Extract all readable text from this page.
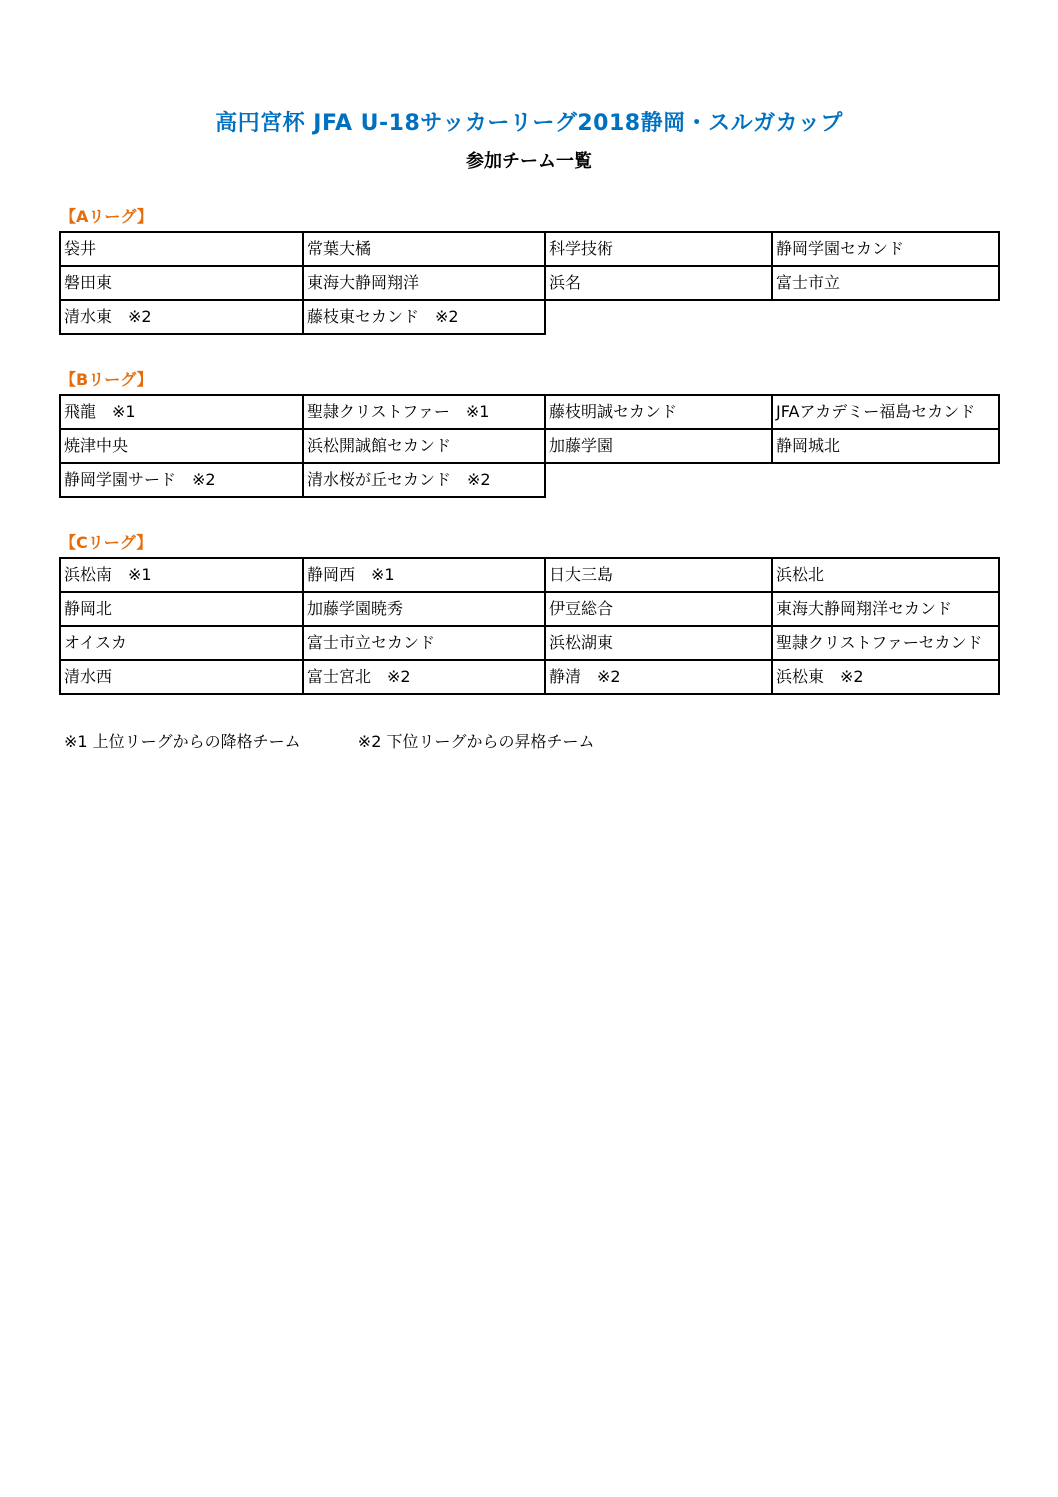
高円宮杯 JFA U-18サッカーリーグ2018静岡・スルガカップ
参加チーム一覧
【Aリーグ】
袋井	常葉大橘	科学技術	静岡学園セカンド
磐田東	東海大静岡翔洋	浜名	富士市立
清水東　※2	藤枝東セカンド　※2		
【Bリーグ】
飛龍　※1	聖隷クリストファー　※1	藤枝明誠セカンド	JFAアカデミー福島セカンド
焼津中央	浜松開誠館セカンド	加藤学園	静岡城北
静岡学園サード　※2	清水桜が丘セカンド　※2		
【Cリーグ】
浜松南　※1	静岡西　※1	日大三島	浜松北
静岡北	加藤学園暁秀	伊豆総合	東海大静岡翔洋セカンド
オイスカ	富士市立セカンド	浜松湖東	聖隷クリストファーセカンド
清水西	富士宮北　※2	静清　※2	浜松東　※2
※1 上位リーグからの降格チーム	※2 下位リーグからの昇格チーム
